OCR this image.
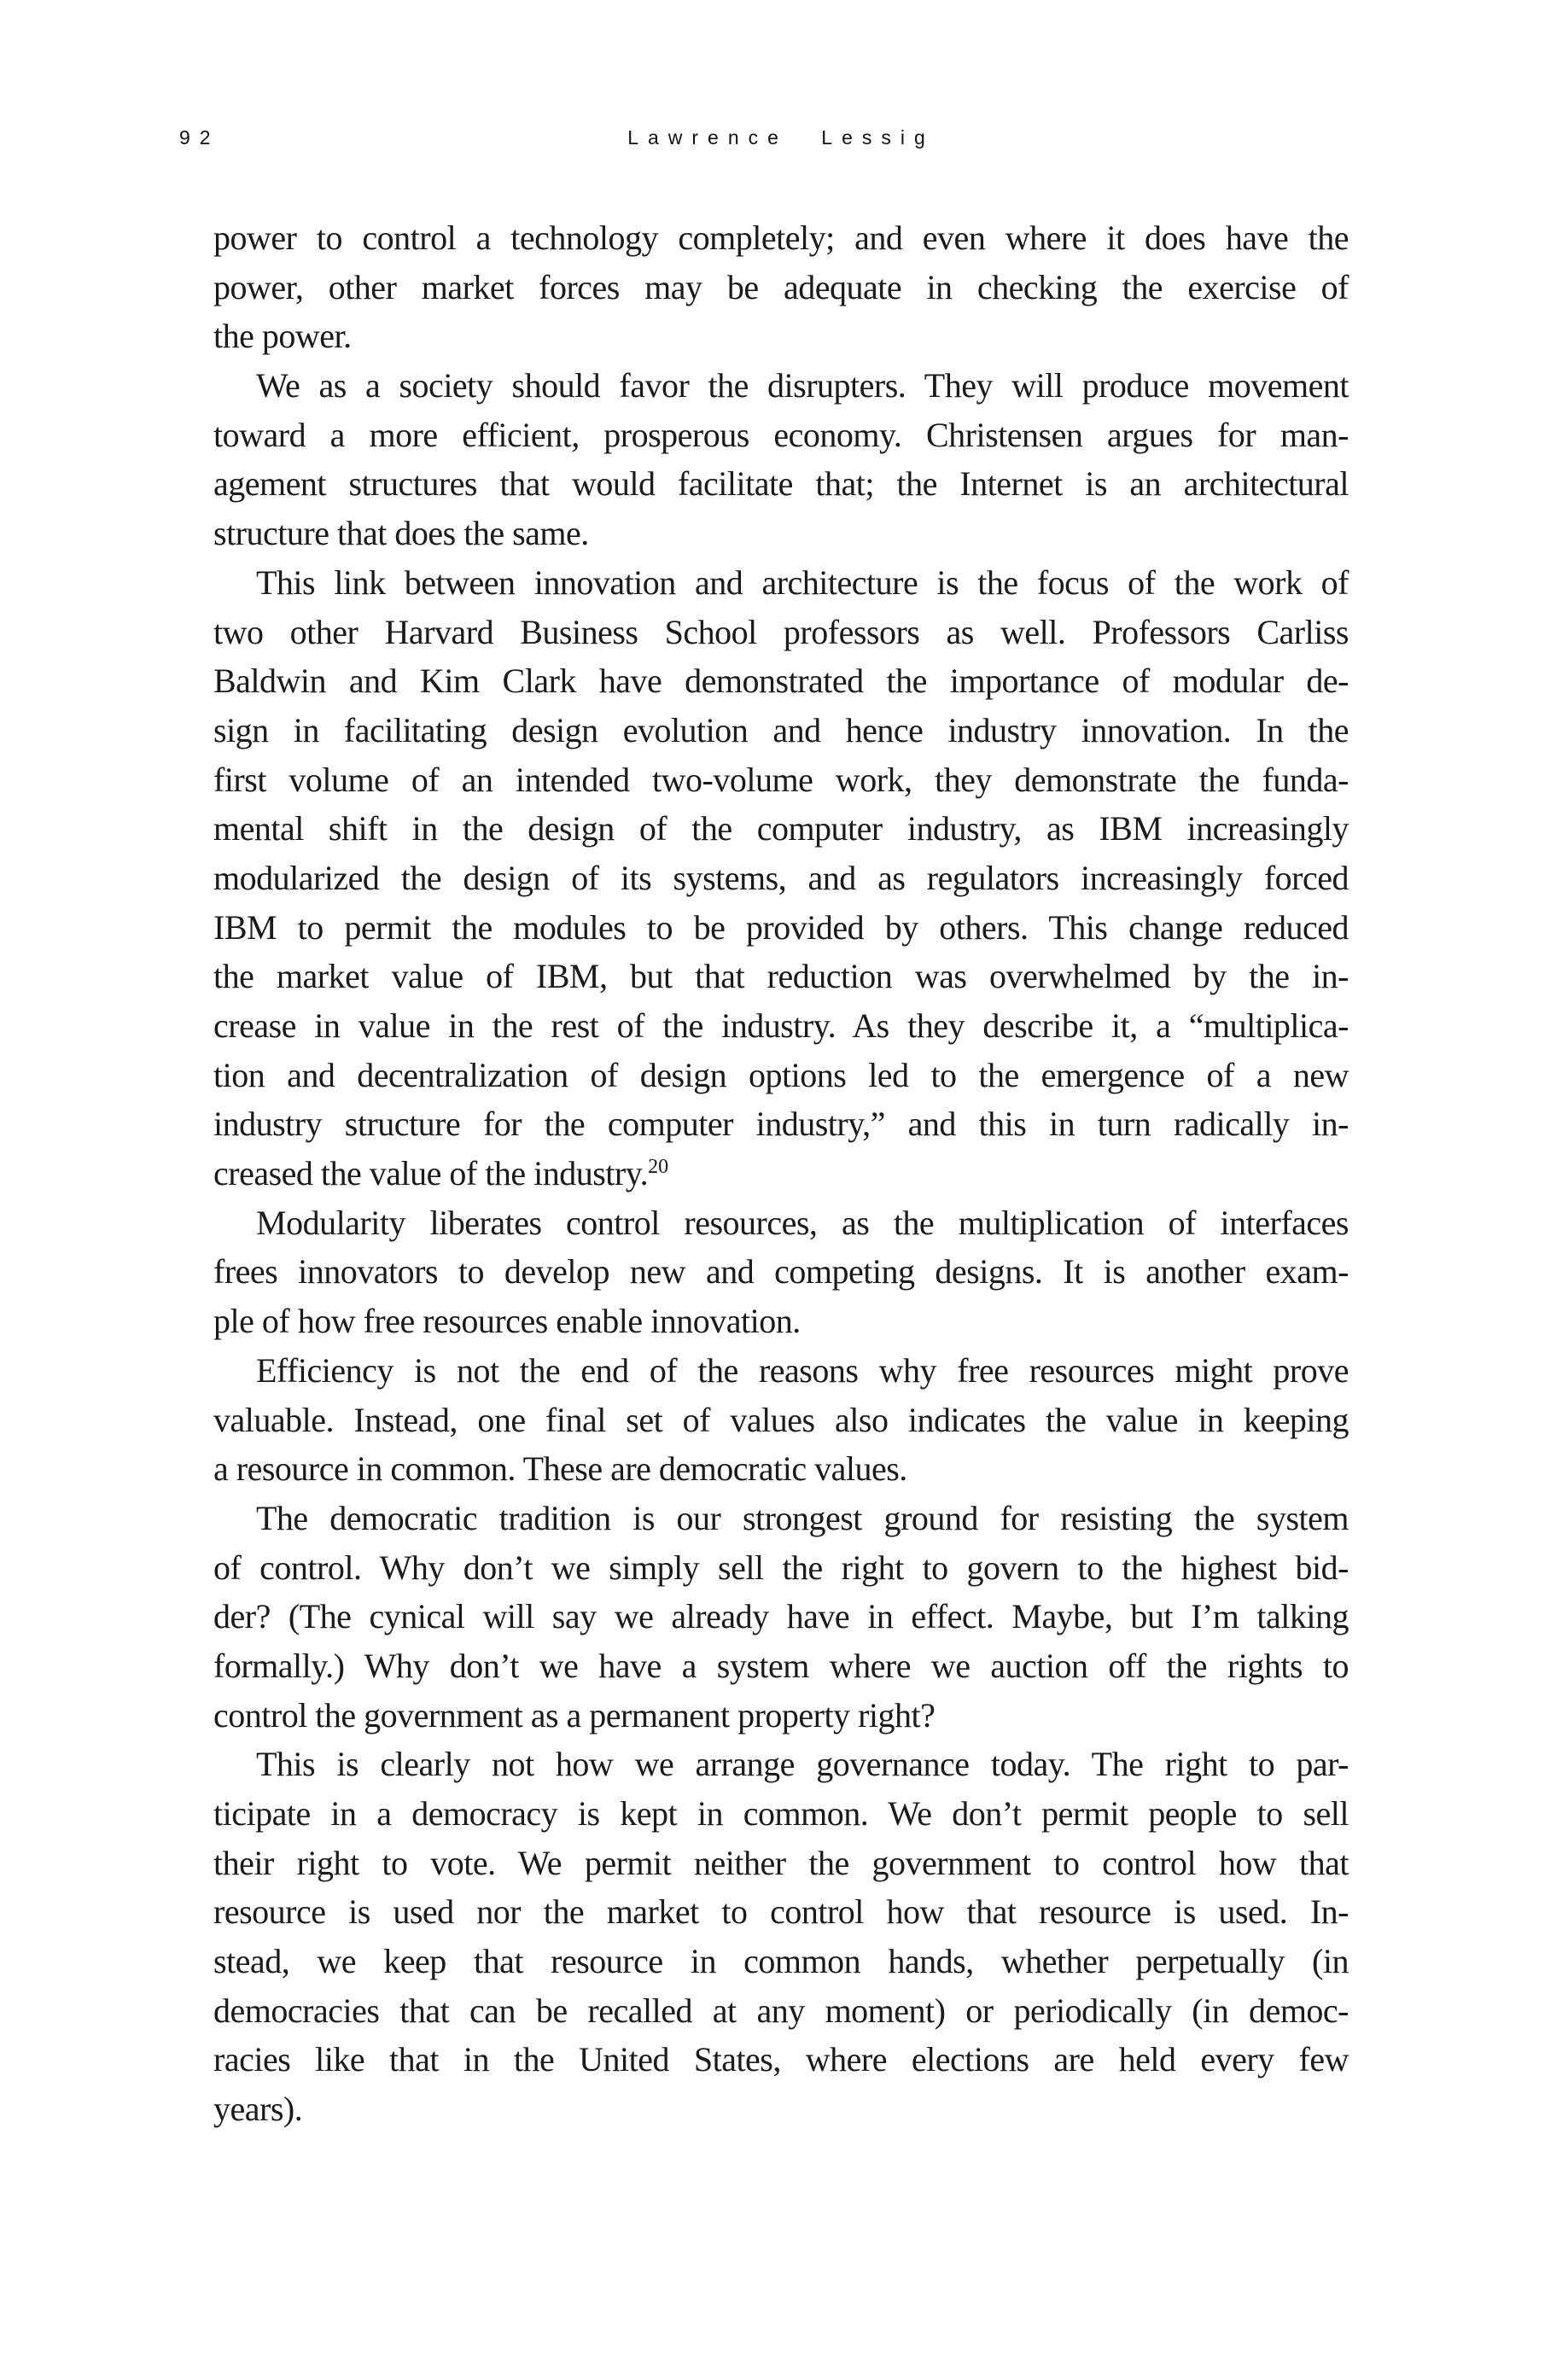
92	Lawrence Lessig
power to control a technology completely; and even where it does have the
power, other market forces may be adequate in checking the exercise of
the power.
We as a society should favor the disrupters. They will produce movement
toward a more efficient, prosperous economy. Christensen argues for man-
agement structures that would facilitate that; the Internet is an architectural
structure that does the same.
This link between innovation and architecture is the focus of the work of
two other Harvard Business School professors as well. Professors Carliss
Baldwin and Kim Clark have demonstrated the importance of modular de-
sign in facilitating design evolution and hence industry innovation. In the
first volume of an intended two-volume work, they demonstrate the funda-
mental shift in the design of the computer industry, as IBM increasingly
modularized the design of its systems, and as regulators increasingly forced
IBM to permit the modules to be provided by others. This change reduced
the market value of IBM, but that reduction was overwhelmed by the in-
crease in value in the rest of the industry. As they describe it, a “multiplica-
tion and decentralization of design options led to the emergence of a new
industry structure for the computer industry,” and this in turn radically in-
creased the value of the industry.$^{20}$
Modularity liberates control resources, as the multiplication of interfaces
frees innovators to develop new and competing designs. It is another exam-
ple of how free resources enable innovation.
Efficiency is not the end of the reasons why free resources might prove
valuable. Instead, one final set of values also indicates the value in keeping
a resource in common. These are democratic values.
The democratic tradition is our strongest ground for resisting the system
of control. Why don’t we simply sell the right to govern to the highest bid-
der? (The cynical will say we already have in effect. Maybe, but I’m talking
formally.) Why don’t we have a system where we auction off the rights to
control the government as a permanent property right?
This is clearly not how we arrange governance today. The right to par-
ticipate in a democracy is kept in common. We don’t permit people to sell
their right to vote. We permit neither the government to control how that
resource is used nor the market to control how that resource is used. In-
stead, we keep that resource in common hands, whether perpetually (in
democracies that can be recalled at any moment) or periodically (in democ-
racies like that in the United States, where elections are held every few
years).
